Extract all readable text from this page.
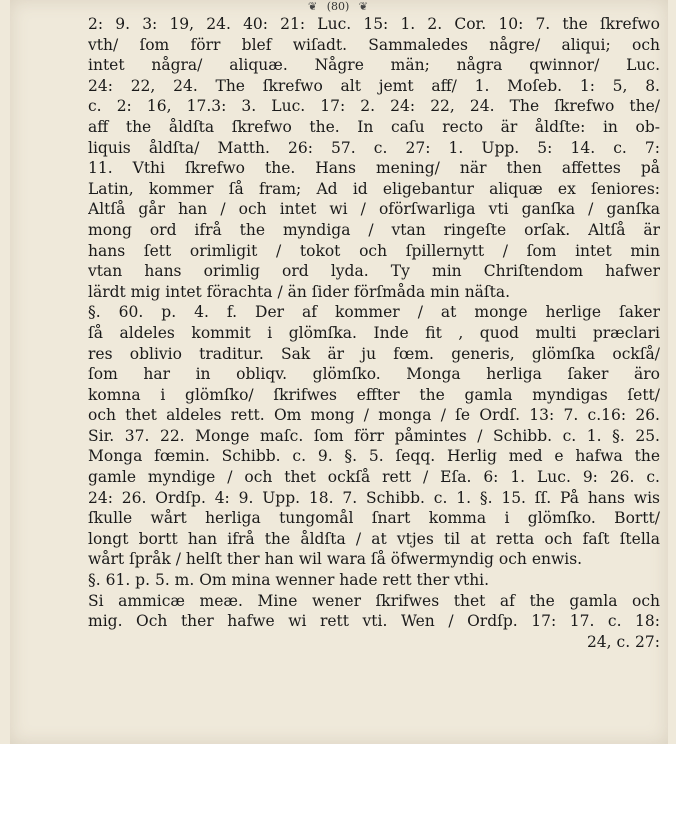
❦ (80) ❦
2: 9. 3: 19, 24. 40: 21: Luc. 15: 1. 2. Cor. 10: 7. the ſkrefwo
vth/ ſom förr blef wiſadt. Sammaledes någre/ aliqui; och
intet några/ aliquæ. Någre män; några qwinnor/ Luc.
24: 22, 24. The ſkrefwo alt jemt aff/ 1. Moſeb. 1: 5, 8.
c. 2: 16, 17.3: 3. Luc. 17: 2. 24: 22, 24. The ſkrefwo the/
aff the åldſta ſkrefwo the. In caſu recto är åldſte: in ob-
liquis åldſta/ Matth. 26: 57. c. 27: 1. Upp. 5: 14. c. 7:
11. Vthi ſkrefwo the. Hans mening/ när then affettes på
Latin, kommer ſå fram; Ad id eligebantur aliquæ ex ſeniores:
Altſå går han / och intet wi / oförſwarliga vti ganſka / ganſka
mong ord ifrå the myndiga / vtan ringeſte orſak. Altſå är
hans ſett orimligit / tokot och ſpillernytt / ſom intet min
vtan hans orimlig ord lyda. Ty min Chriſtendom hafwer
lärdt mig intet förachta / än ſider förſmåda min näſta.
§. 60. p. 4. f. Der af kommer / at monge herlige ſaker
ſå aldeles kommit i glömſka. Inde fit , quod multi præclari
res oblivio traditur. Sak är ju fœm. generis, glömſka ockſå/
ſom har in obliqv. glömſko. Monga herliga ſaker äro
komna i glömſko/ ſkrifwes effter the gamla myndigas ſett/
och thet aldeles rett. Om mong / monga / ſe Ordſ. 13: 7. c.16: 26.
Sir. 37. 22. Monge maſc. ſom förr påmintes / Schibb. c. 1. §. 25.
Monga fœmin. Schibb. c. 9. §. 5. ſeqq. Herlig med e hafwa the
gamle myndige / och thet ockſå rett / Eſa. 6: 1. Luc. 9: 26. c.
24: 26. Ordſp. 4: 9. Upp. 18. 7. Schibb. c. 1. §. 15. ſſ. På hans wis
ſkulle wårt herliga tungomål ſnart komma i glömſko. Bortt/
longt bortt han ifrå the åldſta / at vtjes til at retta och faſt ſtella
wårt ſpråk / helſt ther han wil wara ſå öfwermyndig och enwis.
§. 61. p. 5. m. Om mina wenner hade rett ther vthi.
Si ammicæ meæ. Mine wener ſkrifwes thet af the gamla och
mig. Och ther hafwe wi rett vti. Wen / Ordſp. 17: 17. c. 18:
24, c. 27:
